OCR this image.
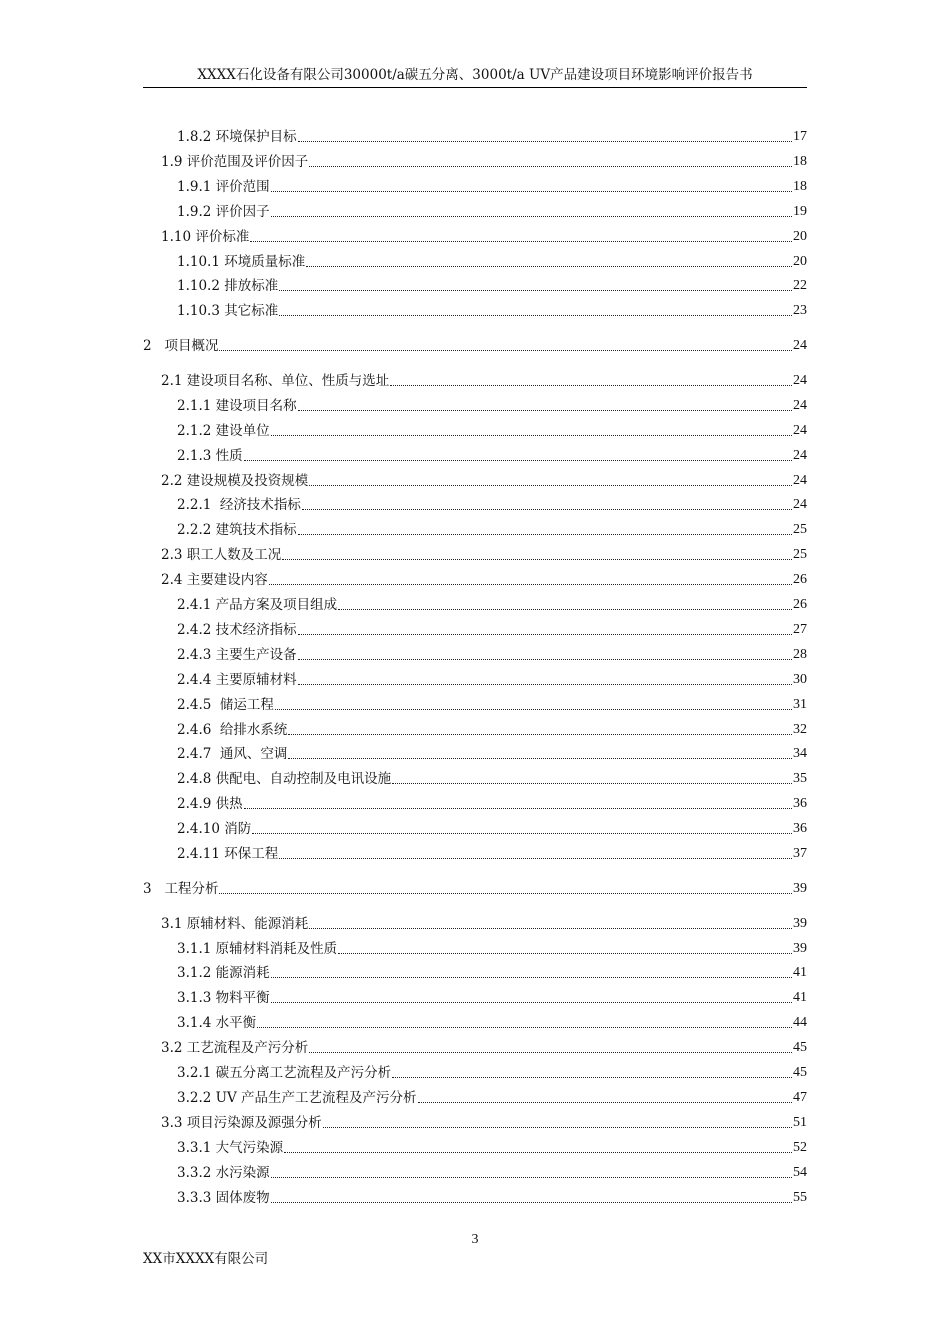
XXXX石化设备有限公司30000t/a碳五分离、3000t/a UV产品建设项目环境影响评价报告书
1.8.2 环境保护目标	17
1.9 评价范围及评价因子	18
1.9.1 评价范围	18
1.9.2 评价因子	19
1.10 评价标准	20
1.10.1 环境质量标准	20
1.10.2 排放标准	22
1.10.3 其它标准	23
2   项目概况	24
2.1 建设项目名称、单位、性质与选址	24
2.1.1 建设项目名称	24
2.1.2 建设单位	24
2.1.3 性质	24
2.2 建设规模及投资规模	24
2.2.1  经济技术指标	24
2.2.2 建筑技术指标	25
2.3 职工人数及工况	25
2.4 主要建设内容	26
2.4.1 产品方案及项目组成	26
2.4.2 技术经济指标	27
2.4.3 主要生产设备	28
2.4.4 主要原辅材料	30
2.4.5  储运工程	31
2.4.6  给排水系统	32
2.4.7  通风、空调	34
2.4.8 供配电、自动控制及电讯设施	35
2.4.9 供热	36
2.4.10 消防	36
2.4.11 环保工程	37
3   工程分析	39
3.1 原辅材料、能源消耗	39
3.1.1 原辅材料消耗及性质	39
3.1.2 能源消耗	41
3.1.3 物料平衡	41
3.1.4 水平衡	44
3.2 工艺流程及产污分析	45
3.2.1 碳五分离工艺流程及产污分析	45
3.2.2 UV 产品生产工艺流程及产污分析	47
3.3 项目污染源及源强分析	51
3.3.1 大气污染源	52
3.3.2 水污染源	54
3.3.3 固体废物	55
3
XX市XXXX有限公司
